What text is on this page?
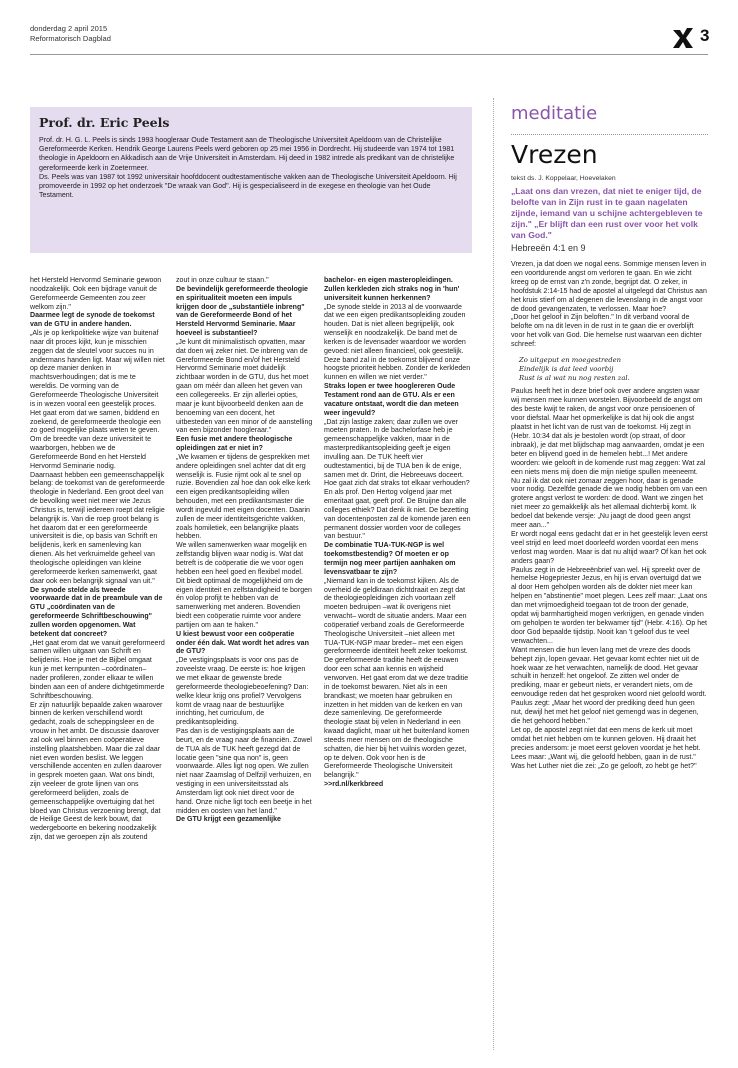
donderdag 2 april 2015
Reformatorisch Dagblad	3
Prof. dr. Eric Peels

Prof. dr. H. G. L. Peels is sinds 1993 hoogleraar Oude Testament aan de Theologische Universiteit Apeldoorn van de Christelijke Gereformeerde Kerken. Hendrik George Laurens Peels werd geboren op 25 mei 1956 in Dordrecht. Hij studeerde van 1974 tot 1981 theologie in Apeldoorn en Akkadisch aan de Vrije Universiteit in Amsterdam. Hij deed in 1982 intrede als predikant van de christelijke gereformeerde kerk in Zoetermeer.

Ds. Peels was van 1987 tot 1992 universitair hoofddocent oudtestamentische vakken aan de Theologische Universiteit Apeldoorn. Hij promoveerde in 1992 op het onderzoek "De wraak van God". Hij is gespecialiseerd in de exegese en theologie van het Oude Testament.

het Hersteld Hervormd Seminarie gewoon noodzakelijk. Ook een bijdrage vanuit de Gereformeerde Gemeenten zou zeer welkom zijn."

Daarmee legt de synode de toekomst van de GTU in andere handen.

„Als je op kerkpolitieke wijze van buitenaf naar dit proces kijkt, kun je misschien zeggen dat de sleutel voor succes nu in andermans handen ligt. Maar wij willen niet op deze manier denken in machtsverhoudingen; dat is me te wereldis. De vorming van de Gereformeerde Theologische Universiteit is in wezen vooral een geestelijk proces. Het gaat erom dat we samen, biddend en zoekend, de gereformeerde theologie een zo goed mogelijke plaats weten te geven. Om de breedte van deze universiteit te waarborgen, hebben we de Gereformeerde Bond en het Hersteld Hervormd Seminarie nodig.

Daarnaast hebben een gemeenschappelijk belang: de toekomst van de gereformeerde theologie in Nederland. Een groot deel van de bevolking weet niet meer wie Jezus Christus is, terwijl iedereen roept dat religie belangrijk is. Van die roep groot belang is het daarom dat er een gereformeerde universiteit is die, op basis van Schrift en belijdenis, kerk en samenleving kan dienen. Als het verkruimelde geheel van theologische opleidingen van kleine gereformeerde kerken samenwerkt, gaat daar ook een belangrijk signaal van uit."

De synode stelde als tweede voorwaarde dat in de preambule van de GTU „coördinaten van de gereformeerde Schriftbeschouwing" zullen worden opgenomen. Wat betekent dat concreet?

„Het gaat erom dat we vanuit gereformeerd samen willen uitgaan van Schrift en belijdenis. Hoe je met de Bijbel omgaat kun je met kernpunten –coördinaten– nader profileren, zonder elkaar te willen binden aan een of andere dichtgetimmerde Schriftbeschouwing.

Er zijn natuurlijk bepaalde zaken waarover binnen de kerken verschillend wordt gedacht, zoals de scheppingsleer en de vrouw in het ambt. De discussie daarover zal ook wel binnen een coöperatieve instelling plaatshebben. Maar die zal daar niet even worden beslist. We leggen verschillende accenten en zullen daarover in gesprek moeten gaan. Wat ons bindt, zijn veeleer de grote lijnen van ons gereformeerd belijden, zoals de gemeenschappelijke overtuiging dat het bloed van Christus verzoening brengt, dat de Heilige Geest de kerk bouwt, dat wedergeboorte en bekering noodzakelijk zijn, dat we geroepen zijn als zoutend

zout in onze cultuur te staan."

De bevindelijk gereformeerde theologie en spiritualiteit moeten een impuls krijgen door de „substantiële inbreng" van de Gereformeerde Bond of het Hersteld Hervormd Seminarie. Maar hoeveel is substantieel?

„Je kunt dit minimalistisch opvatten, maar dat doen wij zeker niet. De inbreng van de Gereformeerde Bond en/of het Hersteld Hervormd Seminarie moet duidelijk zichtbaar worden in de GTU, dus het moet gaan om méér dan alleen het geven van een collegereeks. Er zijn allerlei opties, maar je kunt bijvoorbeeld denken aan de benoeming van een docent, het uitbesteden van een minor of de aanstelling van een bijzonder hoogleraar."

Een fusie met andere theologische opleidingen zat er niet in?

„We kwamen er tijdens de gesprekken met andere opleidingen snel achter dat dit erg wenselijk is. Fusie rijmt ook al te snel op ruzie. Bovendien zal hoe dan ook elke kerk een eigen predikantsopleiding willen behouden, met een predikantsmaster die wordt ingevuld met eigen docenten. Daarin zullen de meer identiteitsgerichte vakken, zoals homiletiek, een belangrijke plaats hebben.

We willen samenwerken waar mogelijk en zelfstandig blijven waar nodig is. Wat dat betreft is de coöperatie die we voor ogen hebben een heel goed en flexibel model. Dit biedt optimaal de mogelijkheid om de eigen identiteit en zelfstandigheid te borgen én volop profijt te hebben van de samenwerking met anderen. Bovendien biedt een coöperatie ruimte voor andere partijen om aan te haken."

U kiest bewust voor een coöperatie onder één dak. Wat wordt het adres van de GTU?

„De vestigingsplaats is voor ons pas de zoveelste vraag. De eerste is: hoe krijgen we met elkaar de gewenste brede gereformeerde theologiebeoefening? Dan: welke kleur krijg ons profiel? Vervolgens komt de vraag naar de bestuurlijke inrichting, het curriculum, de predikantsopleiding.

Pas dan is de vestigingsplaats aan de beurt, en de vraag naar de financiën. Zowel de TUA als de TUK heeft gezegd dat de locatie geen "sine qua non" is, geen voorwaarde. Alles ligt nog open. We zullen niet naar Zaamslag of Delfzijl verhuizen, en vestiging in een universiteitsstad als Amsterdam ligt ook niet direct voor de hand. Onze niche ligt toch een beetje in het midden en oosten van het land."

De GTU krijgt een gezamenlijke

bachelor- en eigen masteropleidingen. Zullen kerkleden zich straks nog in 'hun' universiteit kunnen herkennen?

„De synode stelde in 2013 al de voorwaarde dat we een eigen predikantsopleiding zouden houden. Dat is niet alleen begrijpelijk, ook wenselijk en noodzakelijk. De band met de kerken is de levensader waardoor we worden gevoed: niet alleen financieel, ook geestelijk. Deze band zal in de toekomst blijvend onze hoogste prioriteit hebben. Zonder de kerkleden kunnen en willen we niet verder."

Straks lopen er twee hooglereren Oude Testament rond aan de GTU. Als er een vacature ontstaat, wordt die dan meteen weer ingevuld?

„Dat zijn lastige zaken; daar zullen we over moeten praten. In de bachelorfase heb je gemeenschappelijke vakken, maar in de masterpredikantsopleiding geeft je eigen invulling aan. De TUK heeft vier oudtestamentici, bij de TUA ben ik de enige, samen met dr. Drint, die Hebreeuws doceert. Hoe gaat zich dat straks tot elkaar verhouden? En als prof. Den Hertog volgend jaar met emeritaat gaat, geeft prof. De Bruijne dan alle colleges ethiek? Dat denk ik niet. De bezetting van docentenposten zal de komende jaren een permanent dossier worden voor de colleges van bestuur."

De combinatie TUA-TUK-NGP is wel toekomstbestendig? Of moeten er op termijn nog meer partijen aanhaken om levensvatbaar te zijn?

„Niemand kan in de toekomst kijken. Als de overheid de geldkraan dichtdraait en zegt dat de theologieopleidingen zich voortaan zelf moeten bedruipen –wat ik overigens niet verwacht– wordt de situatie anders. Maar een coöperatief verband zoals de Gereformeerde Theologische Universiteit –niet alleen met TUA-TUK-NGP maar breder– met een eigen gereformeerde identiteit heeft zeker toekomst.

De gereformeerde traditie heeft de eeuwen door een schat aan kennis en wijsheid verworven. Het gaat erom dat we deze traditie in de toekomst bewaren. Niet als in een brandkast; we moeten haar gebruiken en inzetten in het midden van de kerken en van deze samenleving. De gereformeerde theologie staat bij velen in Nederland in een kwaad daglicht, maar uit het buitenland komen steeds meer mensen om de theologische schatten, die hier bij het vuilnis worden gezet, op te delven. Ook voor hen is de Gereformeerde Theologische Universiteit belangrijk."

>>rd.nl/kerkbreed

meditatie
Vrezen
tekst ds. J. Koppelaar, Hoevelaken
„Laat ons dan vrezen, dat niet te eniger tijd, de belofte van in Zijn rust in te gaan nagelaten zijnde, iemand van u schijne achtergebleven te zijn." „Er blijft dan een rust over voor het volk van God."
Hebreeën 4:1 en 9

Vrezen, ja dat doen we nogal eens. Sommige mensen leven in een voortdurende angst om verloren te gaan. En wie zicht kreeg op de ernst van z'n zonde, begrijpt dat. O zeker, in hoofdstuk 2:14-15 had de apostel al uitgelegd dat Christus aan het kruis stierf om al degenen die levenslang in de angst voor de dood gevangenzaten, te verlossen. Maar hoe?

„Door het geloof in Zijn beloften." In dit verband vooral de belofte om na dit leven in de rust in te gaan die er overblijft voor het volk van God. Die hemelse rust waarvan een dichter schreef:

Zo uitgeput en moegestreden
Eindelijk is dat leed voorbij
Rust is al wat nu nog resten zal.

Paulus heeft het in deze brief ook over andere angsten waar wij mensen mee kunnen worstelen. Bijvoorbeeld de angst om des beste kwijt te raken, de angst voor onze pensioenen of voor diefstal. Maar het opmerkelijke is dat hij ook die angst plaatst in het licht van de rust van de toekomst. Hij zegt in (Hebr. 10:34 dat als je bestolen wordt (op straat, of door inbraak), je dat met blijdschap mag aanvaarden, omdat je een beter en blijvend goed in de hemelen hebt...! Met andere woorden: wie gelooft in de komende rust mag zeggen: Wat zal een niets mens mij doen die mijn nietige spullen meeneemt.

Nu zal ik dat ook niet zomaar zeggen hoor, daar is genade voor nodig. Dezelfde genade die we nodig hebben om van een grotere angst verlost te worden: de dood. Want we zingen het niet meer zo gemakkelijk als het allemaal dichterbij komt. Ik bedoel dat bekende versje: „Nu jaagt de dood geen angst meer aan..."

Er wordt nogal eens gedacht dat er in het geestelijk leven eerst veel strijd en leed moet doorleefd worden voordat een mens verlost mag worden. Maar is dat nu altijd waar? Of kan het ook anders gaan?

Paulus zegt in de Hebreeënbrief van wel. Hij spreekt over de hemelse Hogepriester Jezus, en hij is ervan overtuigd dat we al door Hem geholpen worden als de dokter niet meer kan helpen en "abstinentie" moet plegen. Lees zelf maar: „Laat ons dan met vrijmoedigheid toegaan tot de troon der genade, opdat wij barmhartigheid mogen verkrijgen, en genade vinden om geholpen te worden ter bekwamer tijd" (Hebr. 4:16). Op het door God bepaalde tijdstip. Nooit kan 't geloof dus te veel verwachten...

Want mensen die hun leven lang met de vreze des doods behept zijn, lopen gevaar. Het gevaar komt echter niet uit de hoek waar ze het verwachten, namelijk de dood. Het gevaar schuilt in henzelf: het ongeloof. Ze zitten wel onder de prediking, maar er gebeurt niets, er verandert niets, om de eenvoudige reden dat het gesproken woord niet geloofd wordt. Paulus zegt: „Maar het woord der prediking deed hun geen nut, dewijl het met het geloof niet gemengd was in degenen, die het gehoord hebben."

Let op, de apostel zegt niet dat een mens de kerk uit moet omdat het niet hebben om te kunnen geloven. Hij draait het precies andersom: je moet eerst geloven voordat je het hebt. Lees maar: „Want wij, die geloofd hebben, gaan in de rust." Was het Luther niet die zei: „Zo ge gelooft, zo hebt ge het?"
